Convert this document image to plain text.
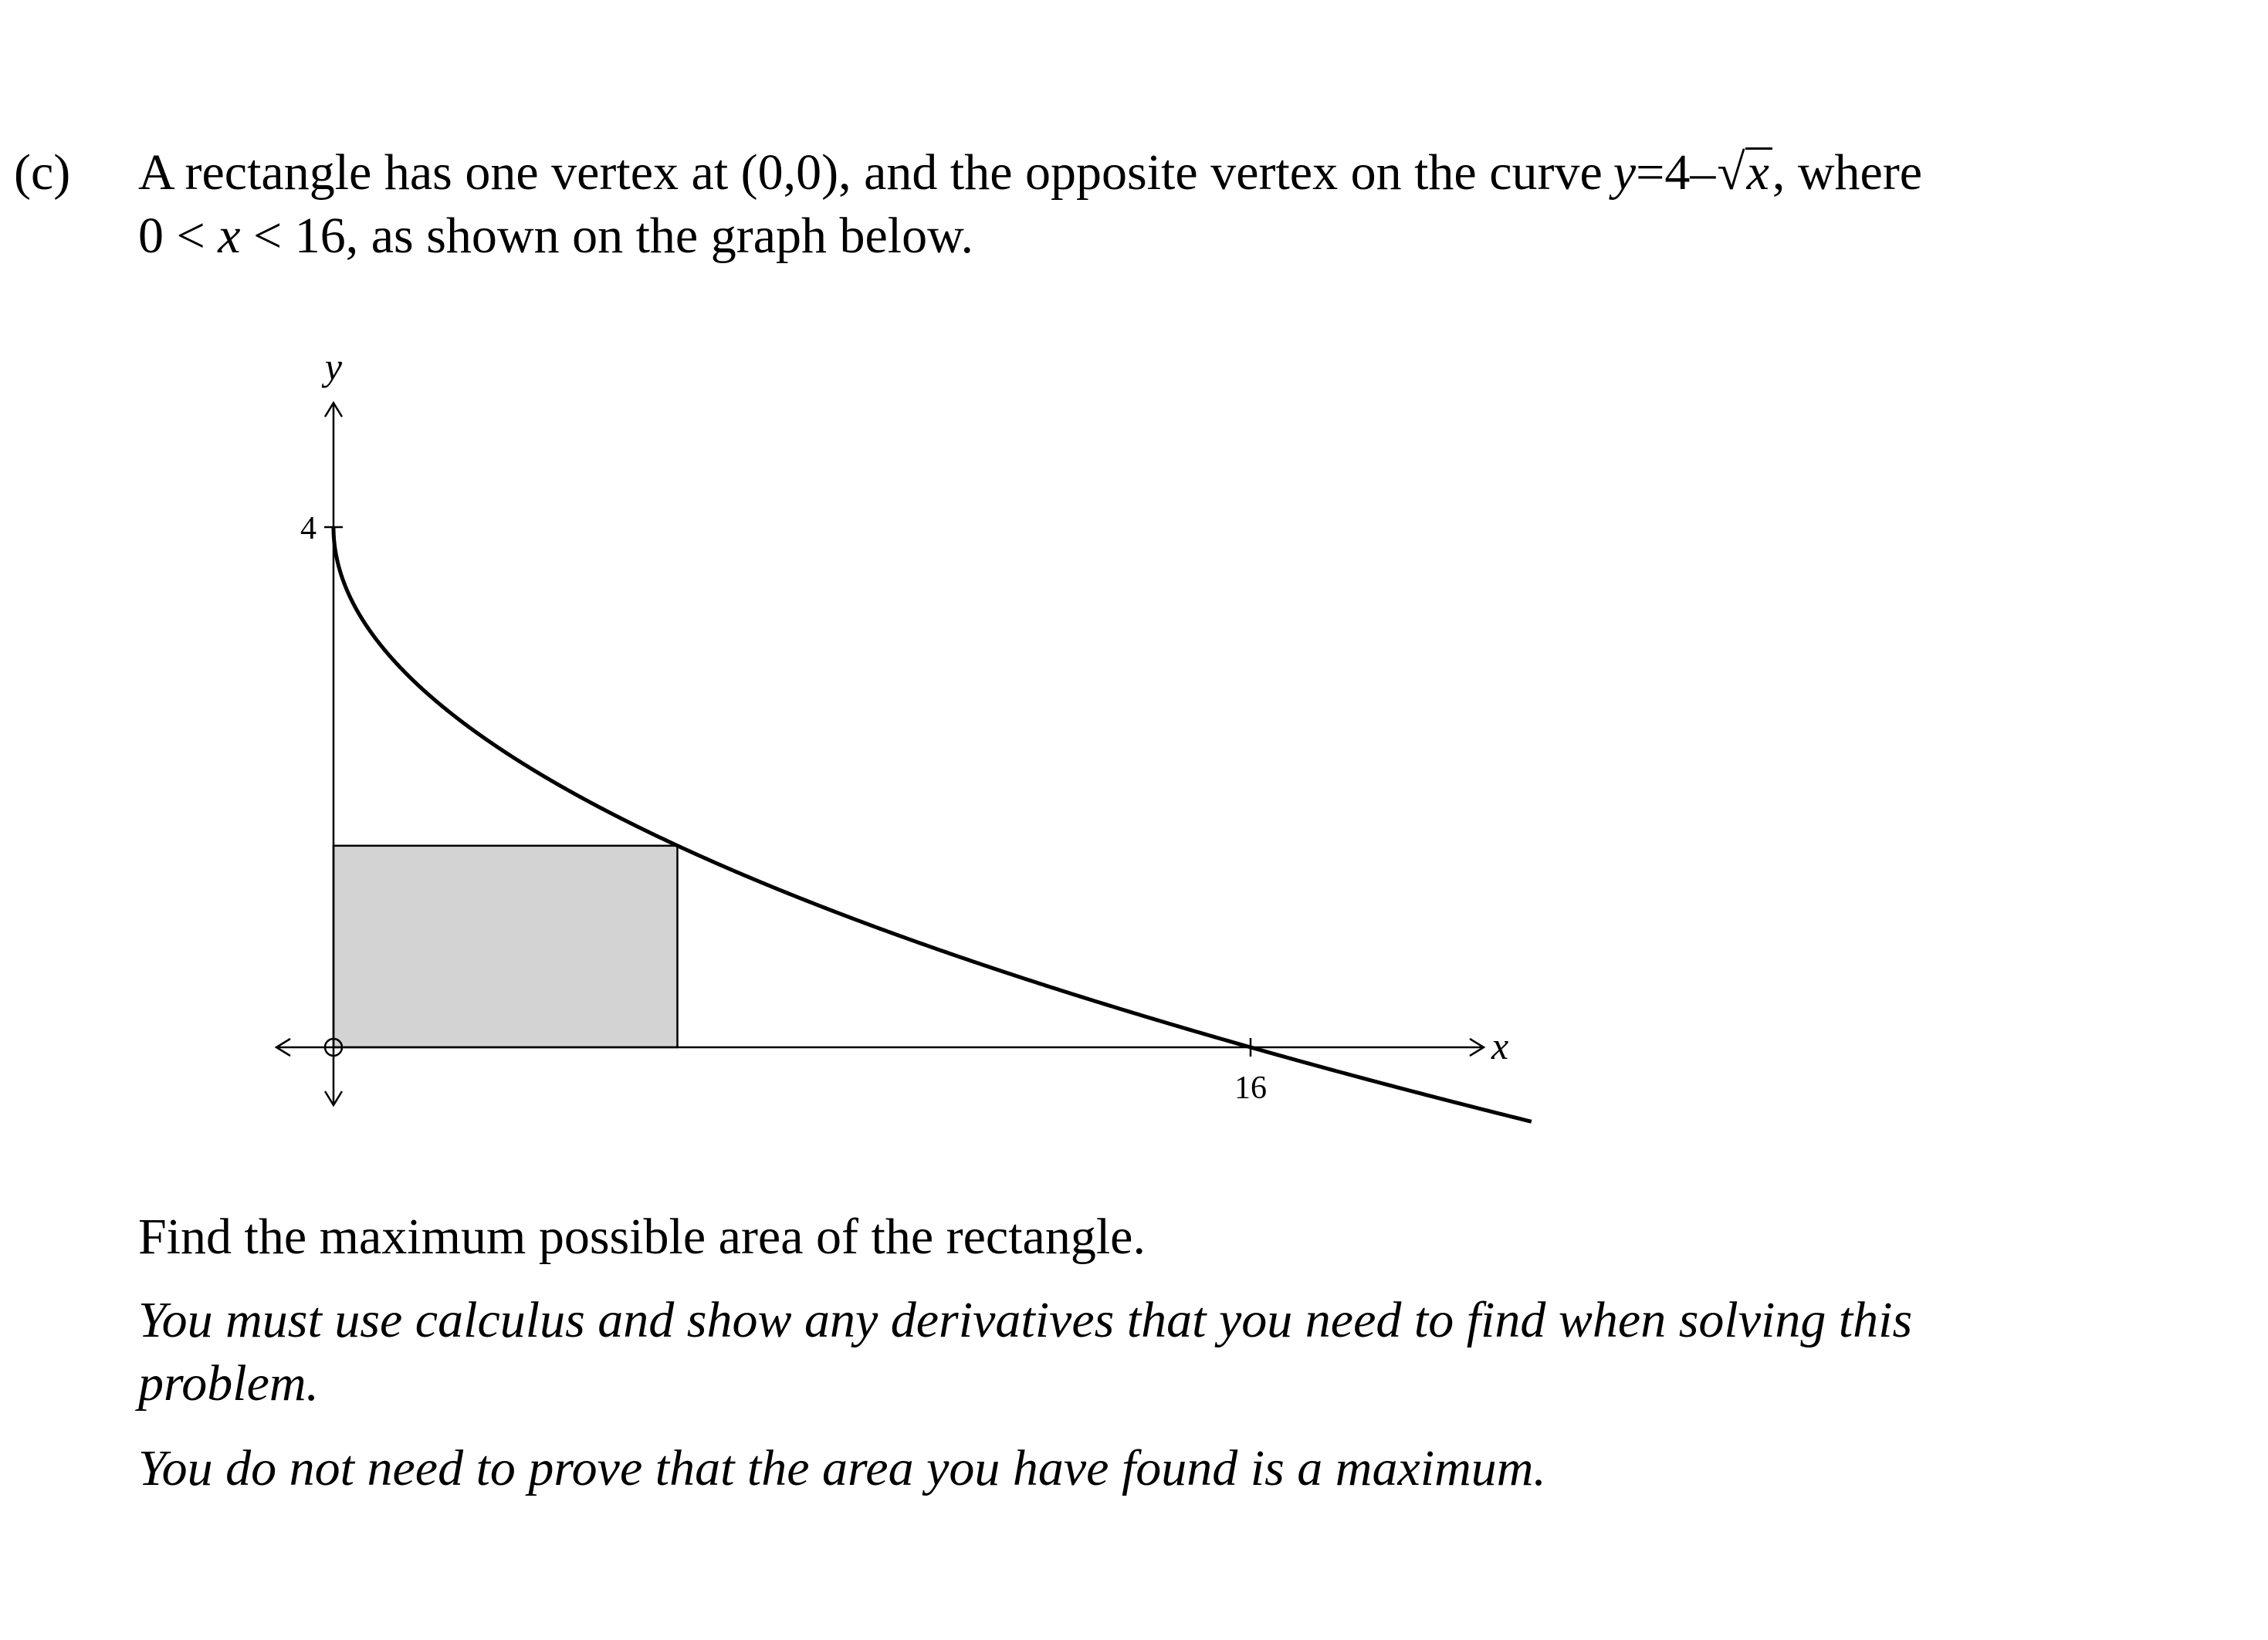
(c) A rectangle has one vertex at (0,0), and the opposite vertex on the curve y=4–√x, where
0 < x < 16, as shown on the graph below.
y
x
4
16

Find the maximum possible area of the rectangle.

You must use calculus and show any derivatives that you need to find when solving this problem.

You do not need to prove that the area you have found is a maximum.
